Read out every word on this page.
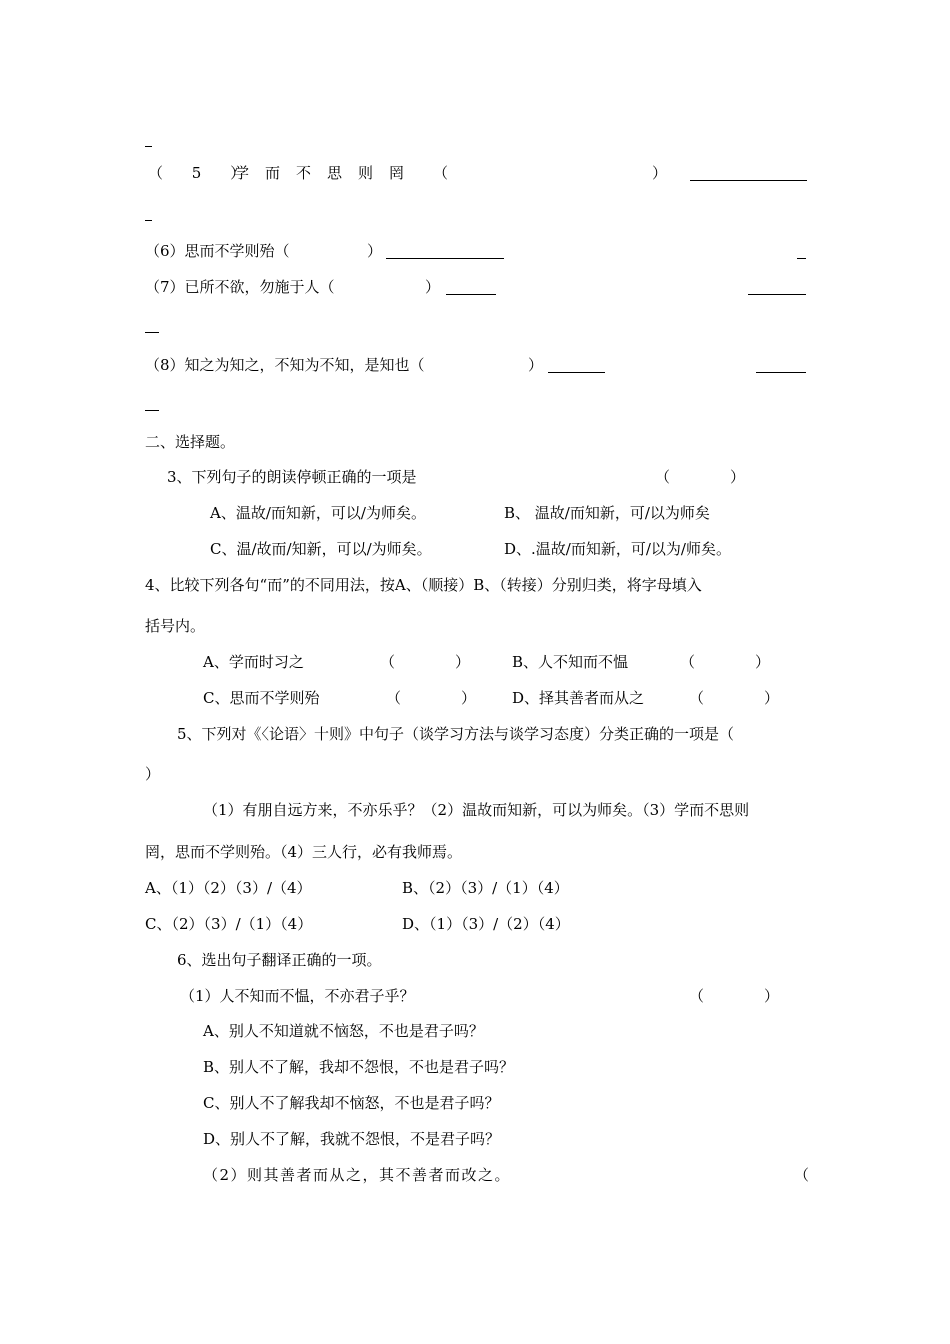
（ 5 ）
学而不思则罔 （	）
（6）思而不学则殆（	）
（7）已所不欲，勿施于人（	）
（8）知之为知之，不知为不知，是知也（	）
二、选择题。
3、下列句子的朗读停顿正确的一项是	（　　　　）
A、温故/而知新，可以/为师矣。	B、 温故/而知新，可/以为师矣
C、温/故而/知新，可以/为师矣。	D、.温故/而知新，可/以为/师矣。
4、比较下列各句“而”的不同用法，按A、（顺接）B、（转接）分别归类，将字母填入
括号内。
A、学而时习之	（　　　　）	B、人不知而不愠	（　　　　）
C、思而不学则殆	（　　　　） D、择其善者而从之	（　　　　）
5、下列对《〈论语〉十则》中句子（谈学习方法与谈学习态度）分类正确的一项是（
）
（1）有朋自远方来，不亦乐乎？（2）温故而知新，可以为师矣。（3）学而不思则
罔，思而不学则殆。（4）三人行，必有我师焉。
A、（1）（2）（3）/（4）	B、（2）（3）/（1）（4）
C、（2）（3）/（1）（4）	D、（1）（3）/（2）（4）
6、选出句子翻译正确的一项。
（1）人不知而不愠，不亦君子乎？	（　　　　）
A、别人不知道就不恼怒，不也是君子吗？
B、别人不了解，我却不怨恨，不也是君子吗？
C、别人不了解我却不恼怒，不也是君子吗？
D、别人不了解，我就不怨恨，不是君子吗？
（2）则其善者而从之，其不善者而改之。	（
